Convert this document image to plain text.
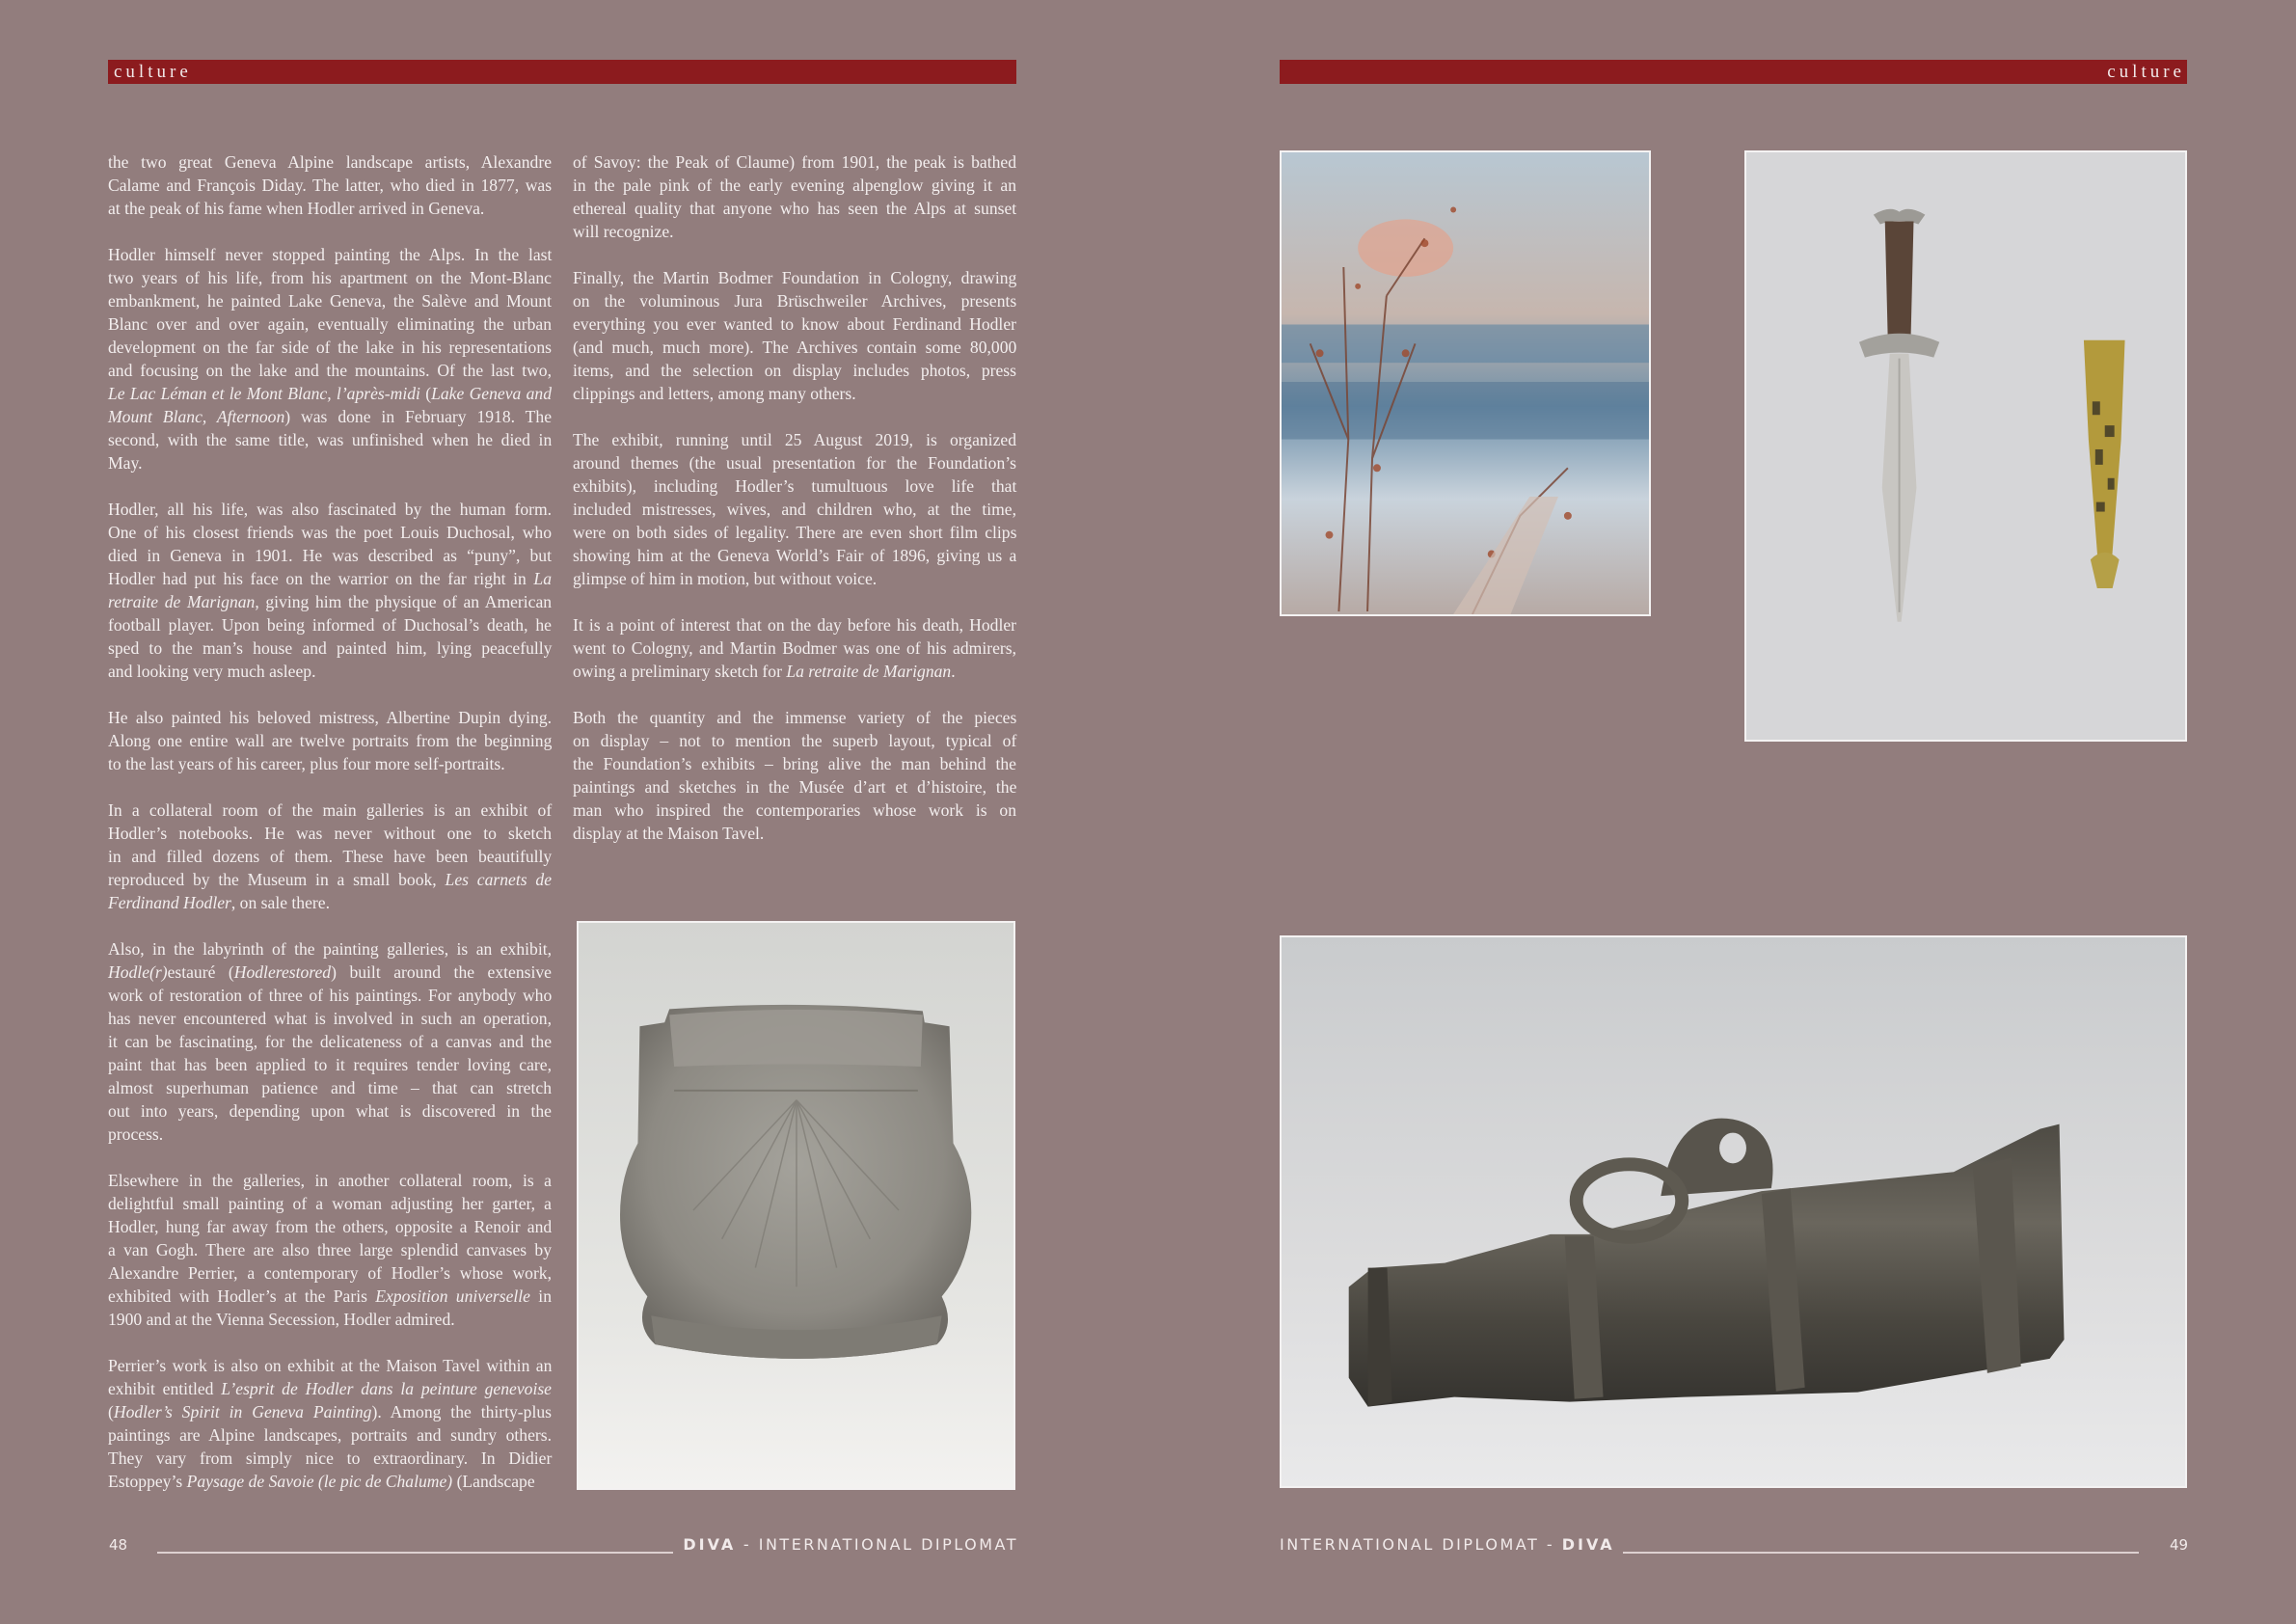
culture	culture
the two great Geneva Alpine landscape artists, Alexandre
Calame and François Diday. The latter, who died in 1877, was
at the peak of his fame when Hodler arrived in Geneva.
Hodler himself never stopped painting the Alps. In the last
two years of his life, from his apartment on the Mont-Blanc
embankment, he painted Lake Geneva, the Salève and Mount
Blanc over and over again, eventually eliminating the urban
development on the far side of the lake in his representations
and focusing on the lake and the mountains. Of the last two,
Le Lac Léman et le Mont Blanc, l’après-midi (Lake Geneva and
Mount Blanc, Afternoon) was done in February 1918. The
second, with the same title, was unfinished when he died in
May.
Hodler, all his life, was also fascinated by the human form.
One of his closest friends was the poet Louis Duchosal, who
died in Geneva in 1901. He was described as “puny”, but
Hodler had put his face on the warrior on the far right in La
retraite de Marignan, giving him the physique of an American
football player. Upon being informed of Duchosal’s death, he
sped to the man’s house and painted him, lying peacefully
and looking very much asleep.
He also painted his beloved mistress, Albertine Dupin dying.
Along one entire wall are twelve portraits from the beginning
to the last years of his career, plus four more self-portraits.
In a collateral room of the main galleries is an exhibit of
Hodler’s notebooks. He was never without one to sketch
in and filled dozens of them. These have been beautifully
reproduced by the Museum in a small book, Les carnets de
Ferdinand Hodler, on sale there.
Also, in the labyrinth of the painting galleries, is an exhibit,
Hodle(r)estauré (Hodlerestored) built around the extensive
work of restoration of three of his paintings. For anybody who
has never encountered what is involved in such an operation,
it can be fascinating, for the delicateness of a canvas and the
paint that has been applied to it requires tender loving care,
almost superhuman patience and time – that can stretch
out into years, depending upon what is discovered in the
process.
Elsewhere in the galleries, in another collateral room, is a
delightful small painting of a woman adjusting her garter, a
Hodler, hung far away from the others, opposite a Renoir and
a van Gogh. There are also three large splendid canvases by
Alexandre Perrier, a contemporary of Hodler’s whose work,
exhibited with Hodler’s at the Paris Exposition universelle in
1900 and at the Vienna Secession, Hodler admired.
Perrier’s work is also on exhibit at the Maison Tavel within an
exhibit entitled L’esprit de Hodler dans la peinture genevoise
(Hodler’s Spirit in Geneva Painting). Among the thirty-plus
paintings are Alpine landscapes, portraits and sundry others.
They vary from simply nice to extraordinary. In Didier
Estoppey’s Paysage de Savoie (le pic de Chalume) (Landscape
of Savoy: the Peak of Claume) from 1901, the peak is bathed
in the pale pink of the early evening alpenglow giving it an
ethereal quality that anyone who has seen the Alps at sunset
will recognize.
Finally, the Martin Bodmer Foundation in Cologny, drawing
on the voluminous Jura Brüschweiler Archives, presents
everything you ever wanted to know about Ferdinand Hodler
(and much, much more). The Archives contain some 80,000
items, and the selection on display includes photos, press
clippings and letters, among many others.
The exhibit, running until 25 August 2019, is organized
around themes (the usual presentation for the Foundation’s
exhibits), including Hodler’s tumultuous love life that
included mistresses, wives, and children who, at the time,
were on both sides of legality. There are even short film clips
showing him at the Geneva World’s Fair of 1896, giving us a
glimpse of him in motion, but without voice.
It is a point of interest that on the day before his death, Hodler
went to Cologny, and Martin Bodmer was one of his admirers,
owing a preliminary sketch for La retraite de Marignan.
Both the quantity and the immense variety of the pieces
on display – not to mention the superb layout, typical of
the Foundation’s exhibits – bring alive the man behind the
paintings and sketches in the Musée d’art et d’histoire, the
man who inspired the contemporaries whose work is on
display at the Maison Tavel.
48	DIVA - INTERNATIONAL DIPLOMAT	INTERNATIONAL DIPLOMAT - DIVA	49
